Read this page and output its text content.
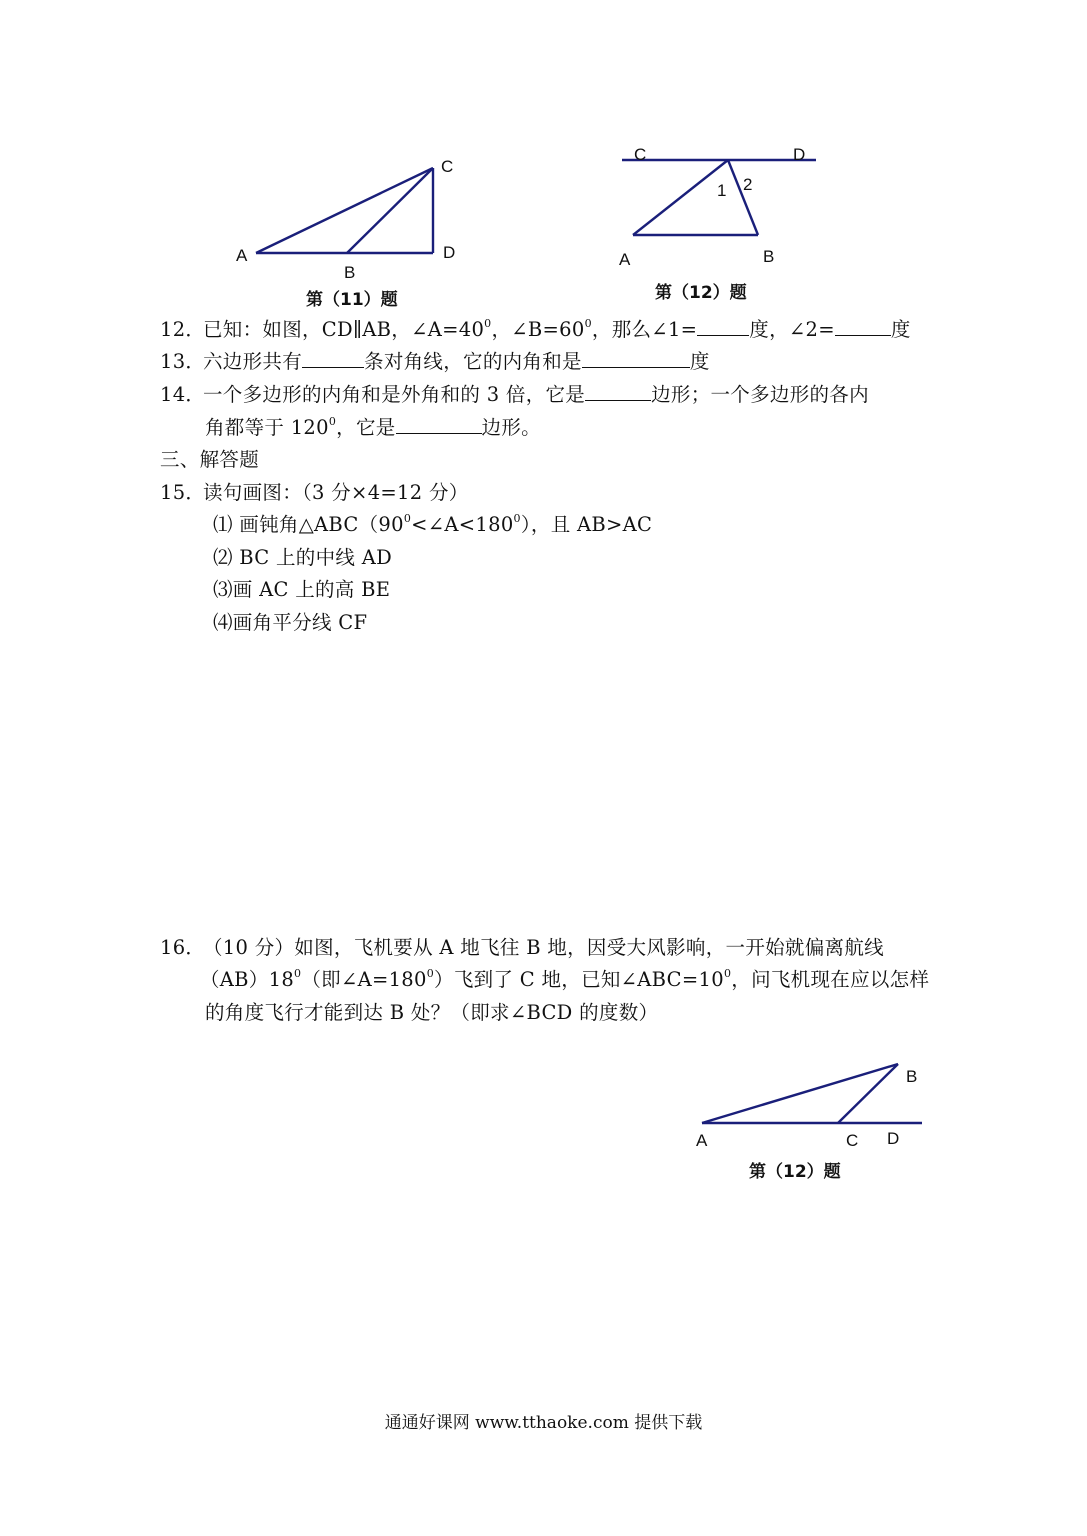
A
B
C
D
第（11）题
C	D
1 2
A	B
第（12）题
12．已知：如图，CD∥AB，$\angle A=40^0$，$\angle B=60^0$，那么∠1=	度，∠2=	度
13．六边形共有	条对角线，它的内角和是	度
14．一个多边形的内角和是外角和的 3 倍，它是	边形；一个多边形的各内
角都等于 $120^0$，它是	边形。
三、解答题
15．读句画图：（3 分×4=12 分）
⑴ 画钝角$\triangle ABC(90^0<\angle A<180^0)$，且 AB>AC
⑵ BC 上的中线 AD
⑶画 AC 上的高 BE
⑷画角平分线 CF
16．（10 分）如图，飞机要从 A 地飞往 B 地，因受大风影响，一开始就偏离航线
$(AB)18^0$（即$\angle A=180^0$）飞到了 C 地，已知$\angle ABC=10^0$，问飞机现在应以怎样
的角度飞行才能到达 B 处？（即求∠BCD 的度数）
A
B
C D
第（12）题
通通好课网 www.tthaoke.com 提供下载
